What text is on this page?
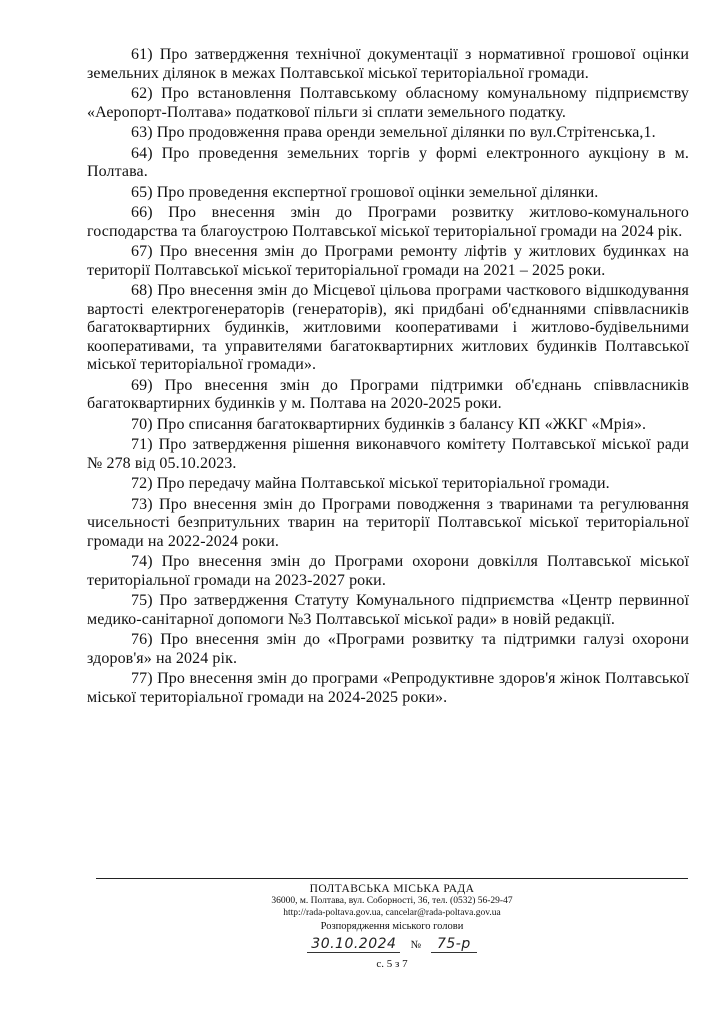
61) Про затвердження технічної документації з нормативної грошової оцінки земельних ділянок в межах Полтавської міської територіальної громади.

62) Про встановлення Полтавському обласному комунальному підприємству «Аеропорт-Полтава» податкової пільги зі сплати земельного податку.

63) Про продовження права оренди земельної ділянки по вул.Стрітенська,1.

64) Про проведення земельних торгів у формі електронного аукціону в м. Полтава.

65) Про проведення експертної грошової оцінки земельної ділянки.

66) Про внесення змін до Програми розвитку житлово-комунального господарства та благоустрою Полтавської міської територіальної громади на 2024 рік.

67) Про внесення змін до Програми ремонту ліфтів у житлових будинках на території Полтавської міської територіальної громади на 2021 – 2025 роки.

68) Про внесення змін до Місцевої цільова програми часткового відшкодування вартості електрогенераторів (генераторів), які придбані об'єднаннями співвласників багатоквартирних будинків, житловими кооперативами і житлово-будівельними кооперативами, та управителями багатоквартирних житлових будинків Полтавської міської територіальної громади».

69) Про внесення змін до Програми підтримки об'єднань співвласників багатоквартирних будинків у м. Полтава на 2020-2025 роки.

70) Про списання багатоквартирних будинків з балансу КП «ЖКГ «Мрія».

71) Про затвердження рішення виконавчого комітету Полтавської міської ради № 278 від 05.10.2023.

72) Про передачу майна Полтавської міської територіальної громади.

73) Про внесення змін до Програми поводження з тваринами та регулювання чисельності безпритульних тварин на території Полтавської міської територіальної громади на 2022-2024 роки.

74) Про внесення змін до Програми охорони довкілля Полтавської міської територіальної громади на 2023-2027 роки.

75) Про затвердження Статуту Комунального підприємства «Центр первинної медико-санітарної допомоги №3 Полтавської міської ради» в новій редакції.

76) Про внесення змін до «Програми розвитку та підтримки галузі охорони здоров'я» на 2024 рік.

77) Про внесення змін до програми «Репродуктивне здоров'я жінок Полтавської міської територіальної громади на 2024-2025 роки».

ПОЛТАВСЬКА МІСЬКА РАДА
36000, м. Полтава, вул. Соборності, 36, тел. (0532) 56-29-47
http://rada-poltava.gov.ua, cancelar@rada-poltava.gov.ua
Розпорядження міського голови
30.10.2024 № 75-р
с. 5 з 7
